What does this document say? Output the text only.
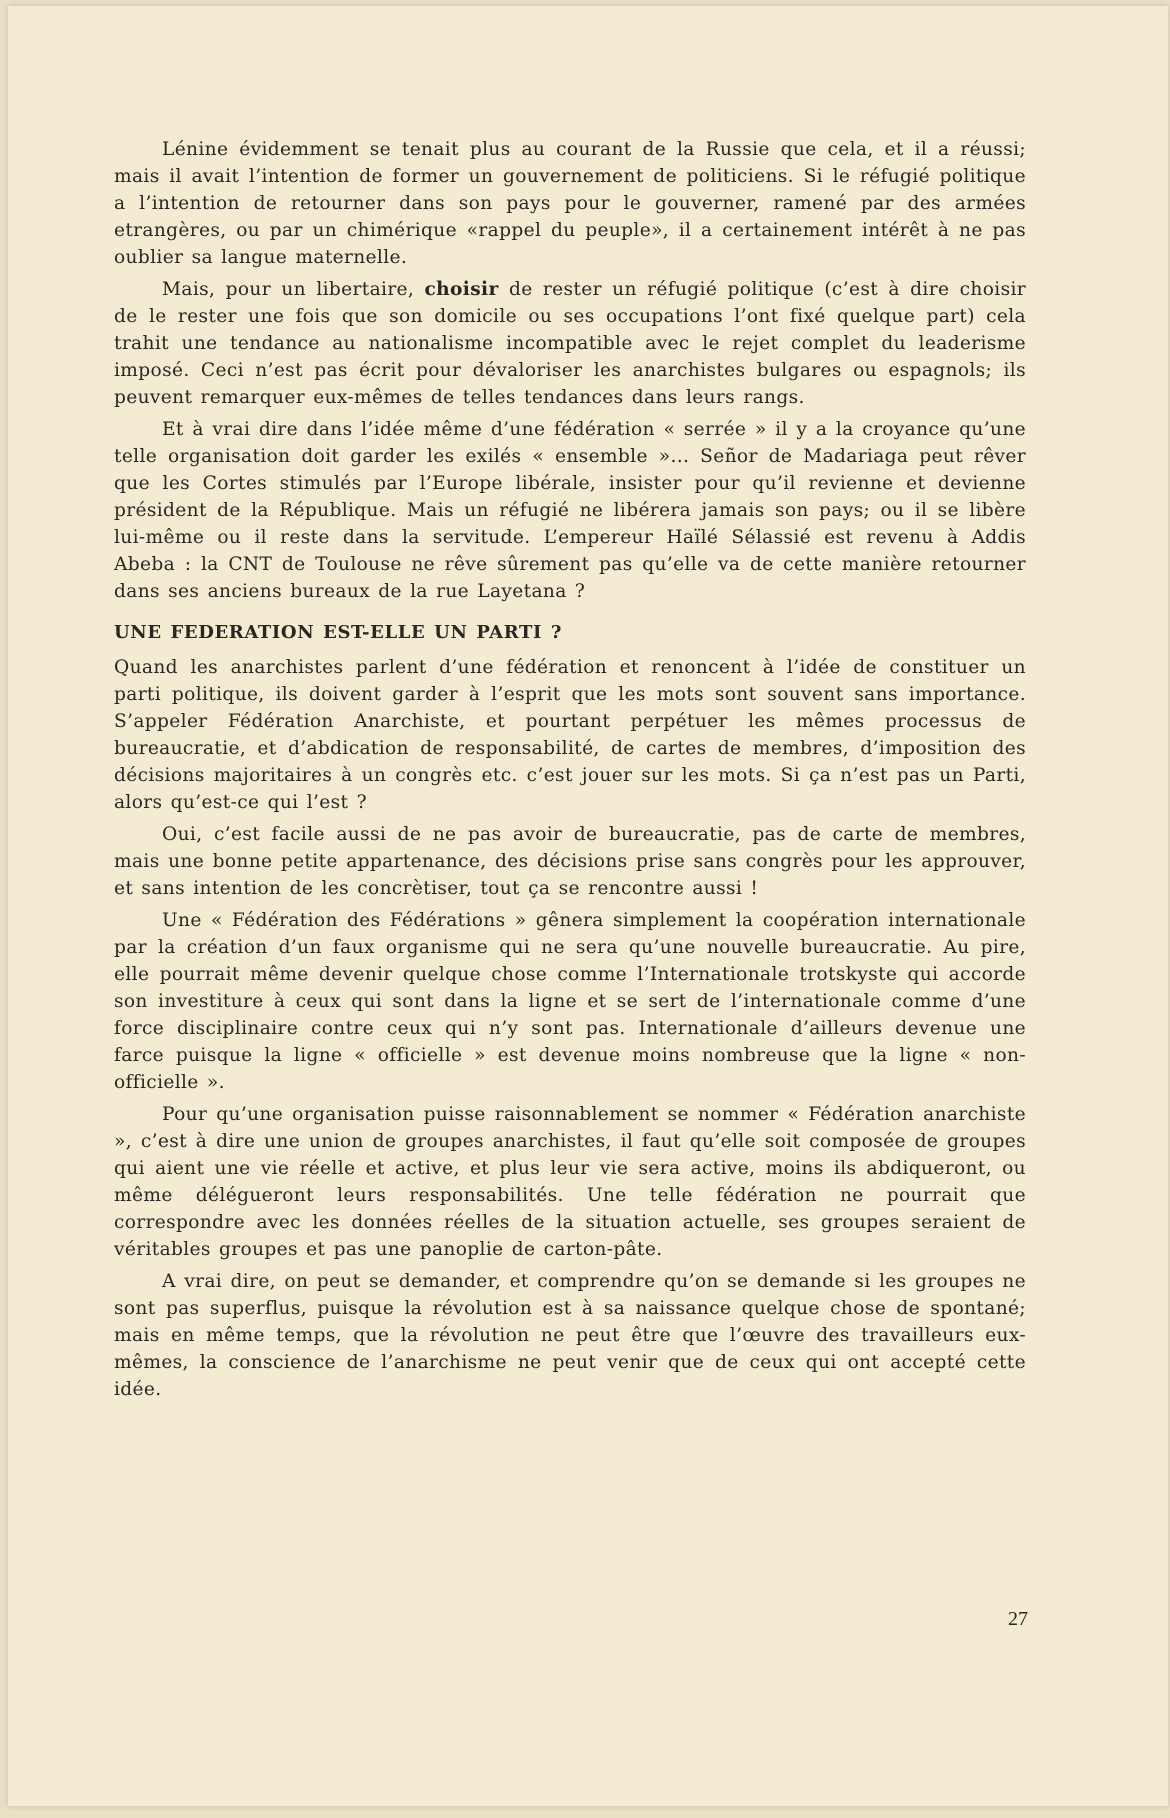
Lénine évidemment se tenait plus au courant de la Russie que cela, et il a réussi; mais il avait l’intention de former un gouvernement de politiciens. Si le réfugié politique a l’intention de retourner dans son pays pour le gouverner, ramené par des armées etrangères, ou par un chimérique «rappel du peuple», il a certainement intérêt à ne pas oublier sa langue maternelle.

Mais, pour un libertaire, choisir de rester un réfugié politique (c’est à dire choisir de le rester une fois que son domicile ou ses occupations l’ont fixé quelque part) cela trahit une tendance au nationalisme incompatible avec le rejet complet du leaderisme imposé. Ceci n’est pas écrit pour dévaloriser les anarchistes bulgares ou espagnols; ils peuvent remarquer eux-mêmes de telles tendances dans leurs rangs.

Et à vrai dire dans l’idée même d’une fédération « serrée » il y a la croyance qu’une telle organisation doit garder les exilés « ensemble »... Señor de Madariaga peut rêver que les Cortes stimulés par l’Europe libérale, insister pour qu’il revienne et devienne président de la République. Mais un réfugié ne libérera jamais son pays; ou il se libère lui-même ou il reste dans la servitude. L’empereur Haïlé Sélassié est revenu à Addis Abeba : la CNT de Toulouse ne rêve sûrement pas qu’elle va de cette manière retourner dans ses anciens bureaux de la rue Layetana ?

UNE FEDERATION EST-ELLE UN PARTI ?

Quand les anarchistes parlent d’une fédération et renoncent à l’idée de constituer un parti politique, ils doivent garder à l’esprit que les mots sont souvent sans importance. S’appeler Fédération Anarchiste, et pourtant perpétuer les mêmes processus de bureaucratie, et d’abdication de responsabilité, de cartes de membres, d’imposition des décisions majoritaires à un congrès etc. c’est jouer sur les mots. Si ça n’est pas un Parti, alors qu’est-ce qui l’est ?

Oui, c’est facile aussi de ne pas avoir de bureaucratie, pas de carte de membres, mais une bonne petite appartenance, des décisions prise sans congrès pour les approuver, et sans intention de les concrètiser, tout ça se rencontre aussi !

Une « Fédération des Fédérations » gênera simplement la coopération internationale par la création d’un faux organisme qui ne sera qu’une nouvelle bureaucratie. Au pire, elle pourrait même devenir quelque chose comme l’Internationale trotskyste qui accorde son investiture à ceux qui sont dans la ligne et se sert de l’internationale comme d’une force disciplinaire contre ceux qui n’y sont pas. Internationale d’ailleurs devenue une farce puisque la ligne « officielle » est devenue moins nombreuse que la ligne « non-officielle ».

Pour qu’une organisation puisse raisonnablement se nommer « Fédération anarchiste », c’est à dire une union de groupes anarchistes, il faut qu’elle soit composée de groupes qui aient une vie réelle et active, et plus leur vie sera active, moins ils abdiqueront, ou même délégueront leurs responsabilités. Une telle fédération ne pourrait que correspondre avec les données réelles de la situation actuelle, ses groupes seraient de véritables groupes et pas une panoplie de carton-pâte.

A vrai dire, on peut se demander, et comprendre qu’on se demande si les groupes ne sont pas superflus, puisque la révolution est à sa naissance quelque chose de spontané; mais en même temps, que la révolution ne peut être que l’œuvre des travailleurs eux-mêmes, la conscience de l’anarchisme ne peut venir que de ceux qui ont accepté cette idée.

27
